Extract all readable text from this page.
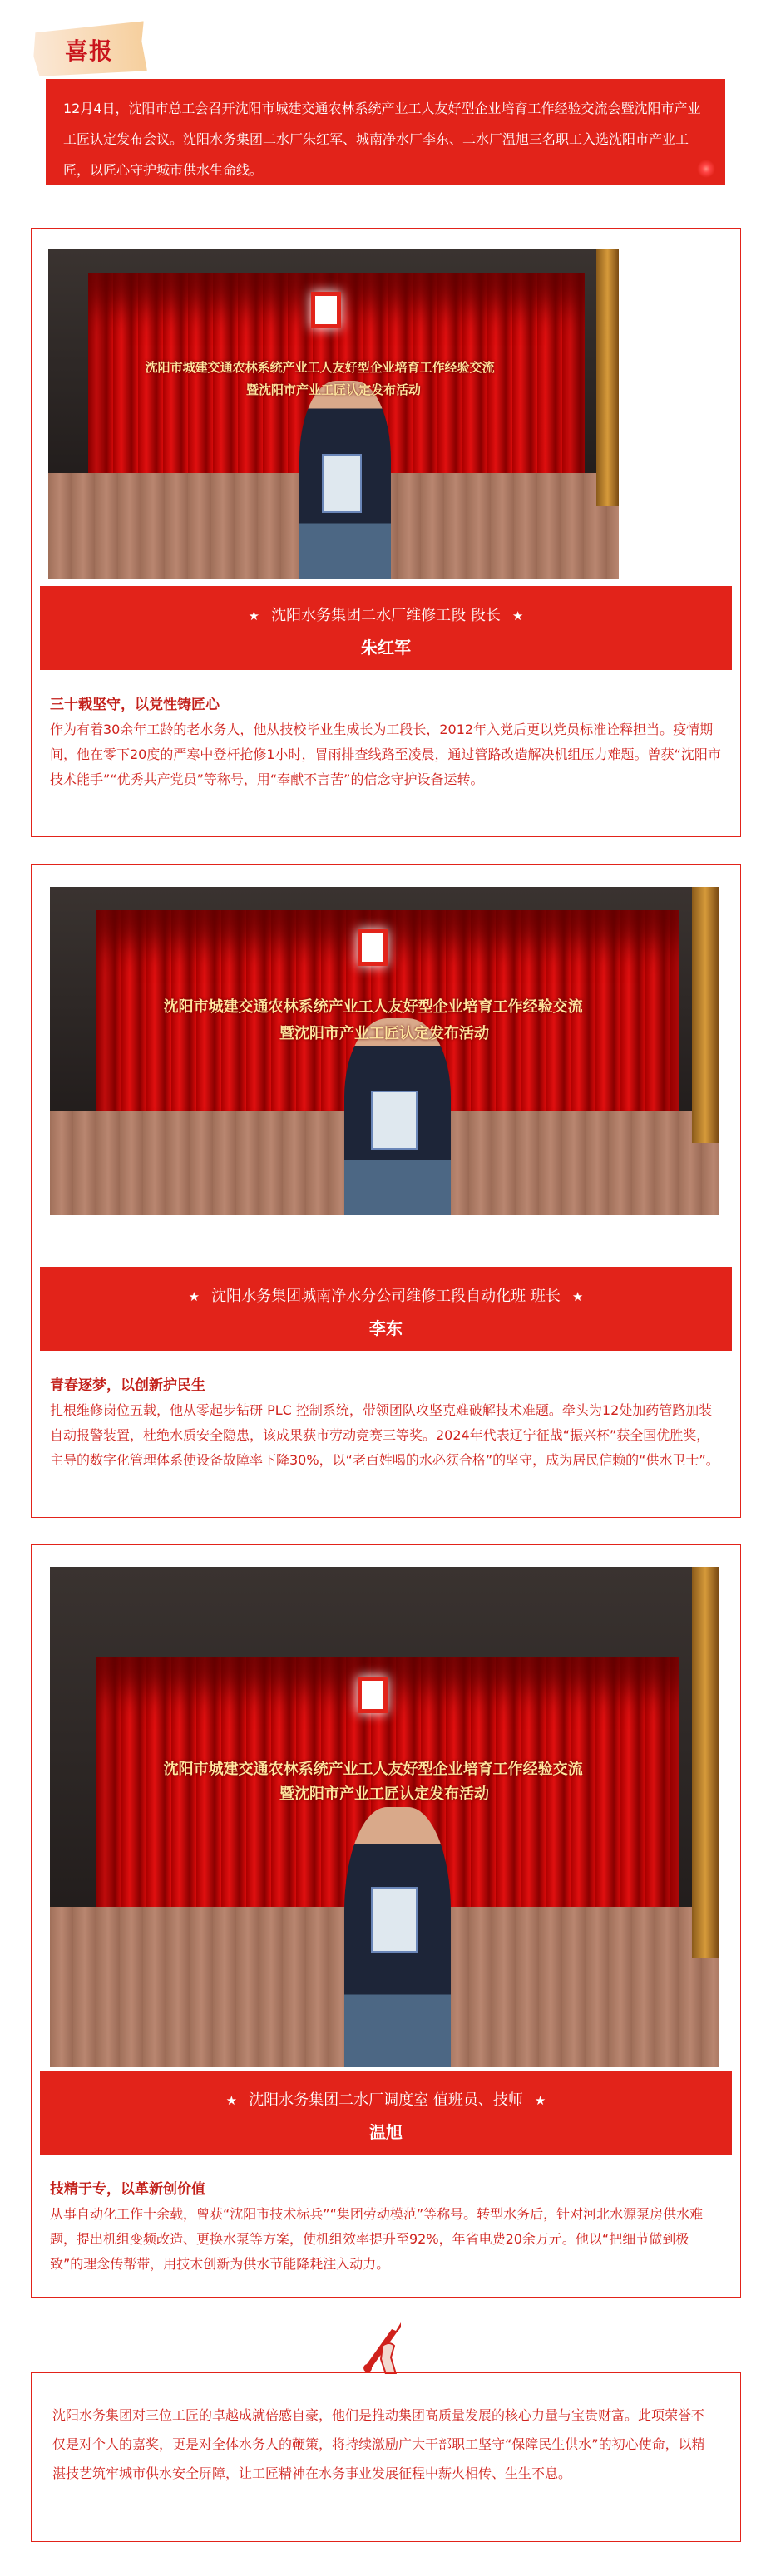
喜报
12月4日，沈阳市总工会召开沈阳市城建交通农林系统产业工人友好型企业培育工作经验交流会暨沈阳市产业工匠认定发布会议。沈阳水务集团二水厂朱红军、城南净水厂李东、二水厂温旭三名职工入选沈阳市产业工匠，以匠心守护城市供水生命线。
沈阳市城建交通农林系统产业工人友好型企业培育工作经验交流
暨沈阳市产业工匠认定发布活动
★ 沈阳水务集团二水厂维修工段 段长 ★
朱红军
三十载坚守，以党性铸匠心
作为有着30余年工龄的老水务人，他从技校毕业生成长为工段长，2012年入党后更以党员标准诠释担当。疫情期间，他在零下20度的严寒中登杆抢修1小时，冒雨排查线路至凌晨，通过管路改造解决机组压力难题。曾获“沈阳市技术能手”“优秀共产党员”等称号，用“奉献不言苦”的信念守护设备运转。
沈阳市城建交通农林系统产业工人友好型企业培育工作经验交流
暨沈阳市产业工匠认定发布活动
★ 沈阳水务集团城南净水分公司维修工段自动化班 班长 ★
李东
青春逐梦，以创新护民生
扎根维修岗位五载，他从零起步钻研 PLC 控制系统，带领团队攻坚克难破解技术难题。牵头为12处加药管路加装自动报警装置，杜绝水质安全隐患，该成果获市劳动竞赛三等奖。2024年代表辽宁征战“振兴杯”获全国优胜奖，主导的数字化管理体系使设备故障率下降30%，以“老百姓喝的水必须合格”的坚守，成为居民信赖的“供水卫士”。
沈阳市城建交通农林系统产业工人友好型企业培育工作经验交流
暨沈阳市产业工匠认定发布活动
★ 沈阳水务集团二水厂调度室 值班员、技师 ★
温旭
技精于专，以革新创价值
从事自动化工作十余载，曾获“沈阳市技术标兵”“集团劳动模范”等称号。转型水务后，针对河北水源泵房供水难题，提出机组变频改造、更换水泵等方案，使机组效率提升至92%，年省电费20余万元。他以“把细节做到极致”的理念传帮带，用技术创新为供水节能降耗注入动力。
沈阳水务集团对三位工匠的卓越成就倍感自豪，他们是推动集团高质量发展的核心力量与宝贵财富。此项荣誉不仅是对个人的嘉奖，更是对全体水务人的鞭策，将持续激励广大干部职工坚守“保障民生供水”的初心使命，以精湛技艺筑牢城市供水安全屏障，让工匠精神在水务事业发展征程中薪火相传、生生不息。
